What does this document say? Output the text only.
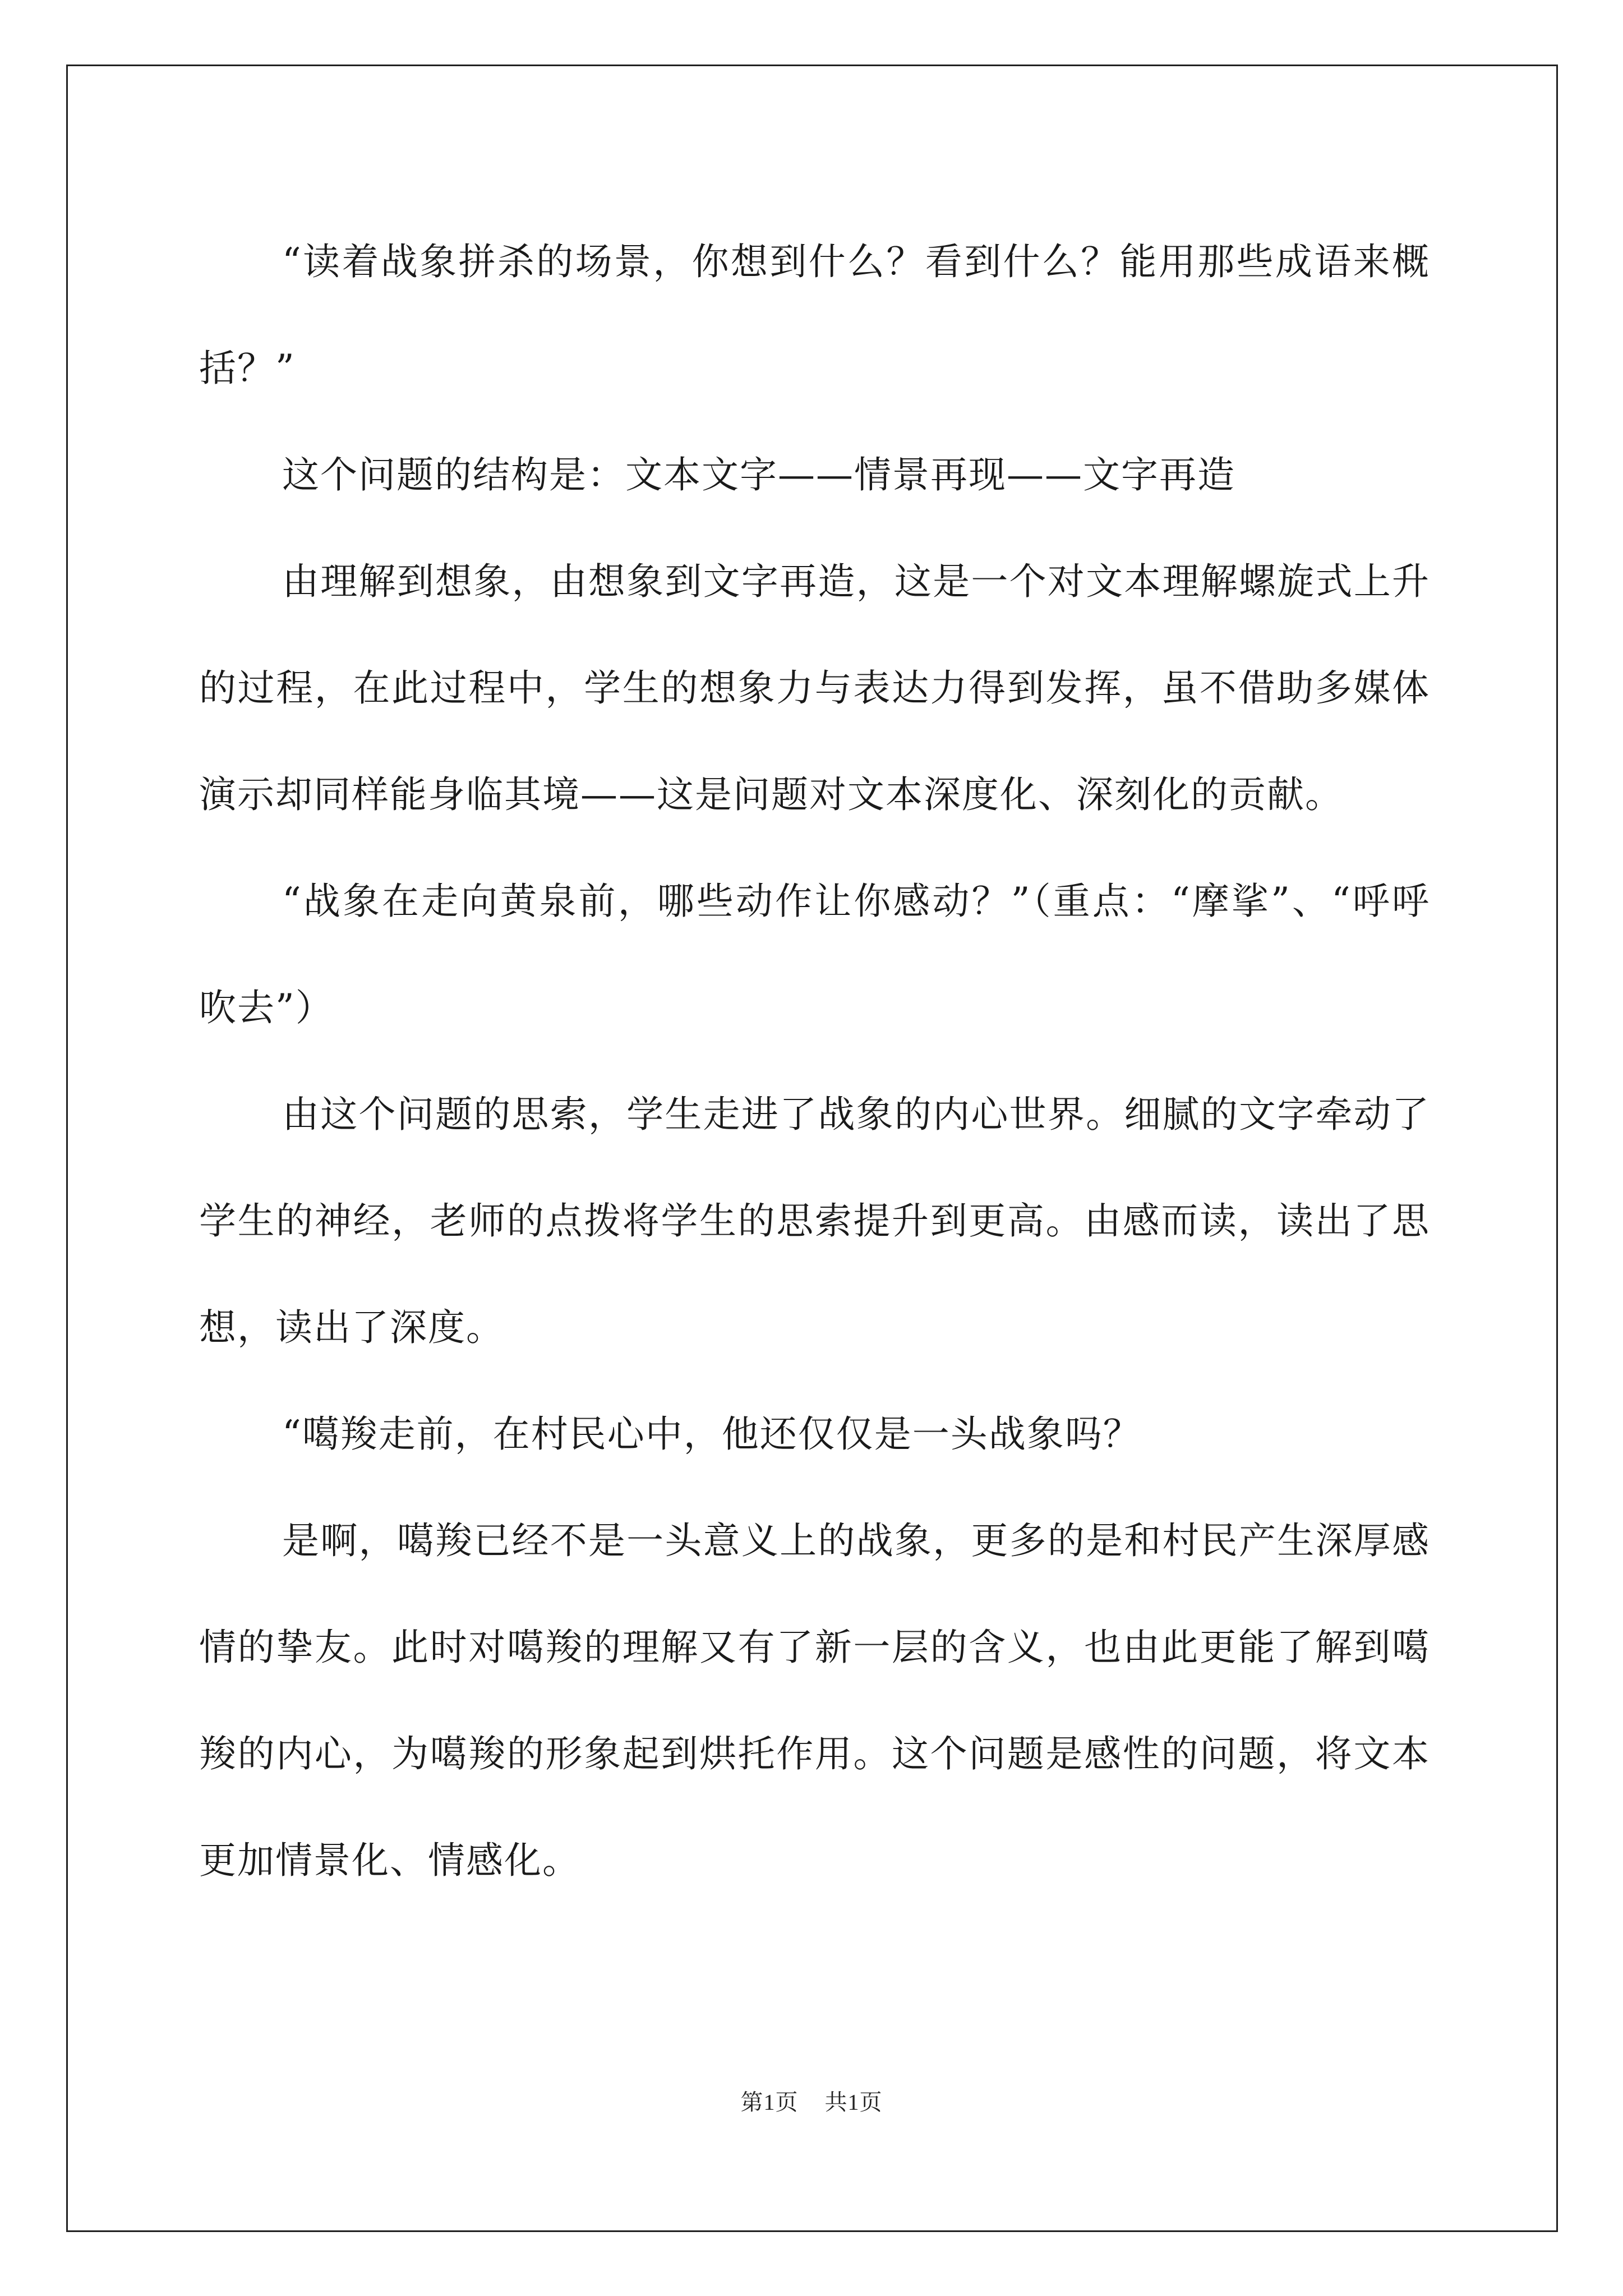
“读着战象拼杀的场景，你想到什么？看到什么？能用那些成语来概括？”

这个问题的结构是：文本文字——情景再现——文字再造

由理解到想象，由想象到文字再造，这是一个对文本理解螺旋式上升的过程，在此过程中，学生的想象力与表达力得到发挥，虽不借助多媒体演示却同样能身临其境——这是问题对文本深度化、深刻化的贡献。

“战象在走向黄泉前，哪些动作让你感动？”（重点：“摩挲”、“呼呼吹去”）

由这个问题的思索，学生走进了战象的内心世界。细腻的文字牵动了学生的神经，老师的点拨将学生的思索提升到更高。由感而读，读出了思想，读出了深度。

“噶羧走前，在村民心中，他还仅仅是一头战象吗？

是啊，噶羧已经不是一头意义上的战象，更多的是和村民产生深厚感情的挚友。此时对噶羧的理解又有了新一层的含义，也由此更能了解到噶羧的内心，为噶羧的形象起到烘托作用。这个问题是感性的问题，将文本更加情景化、情感化。

第1页 共1页
